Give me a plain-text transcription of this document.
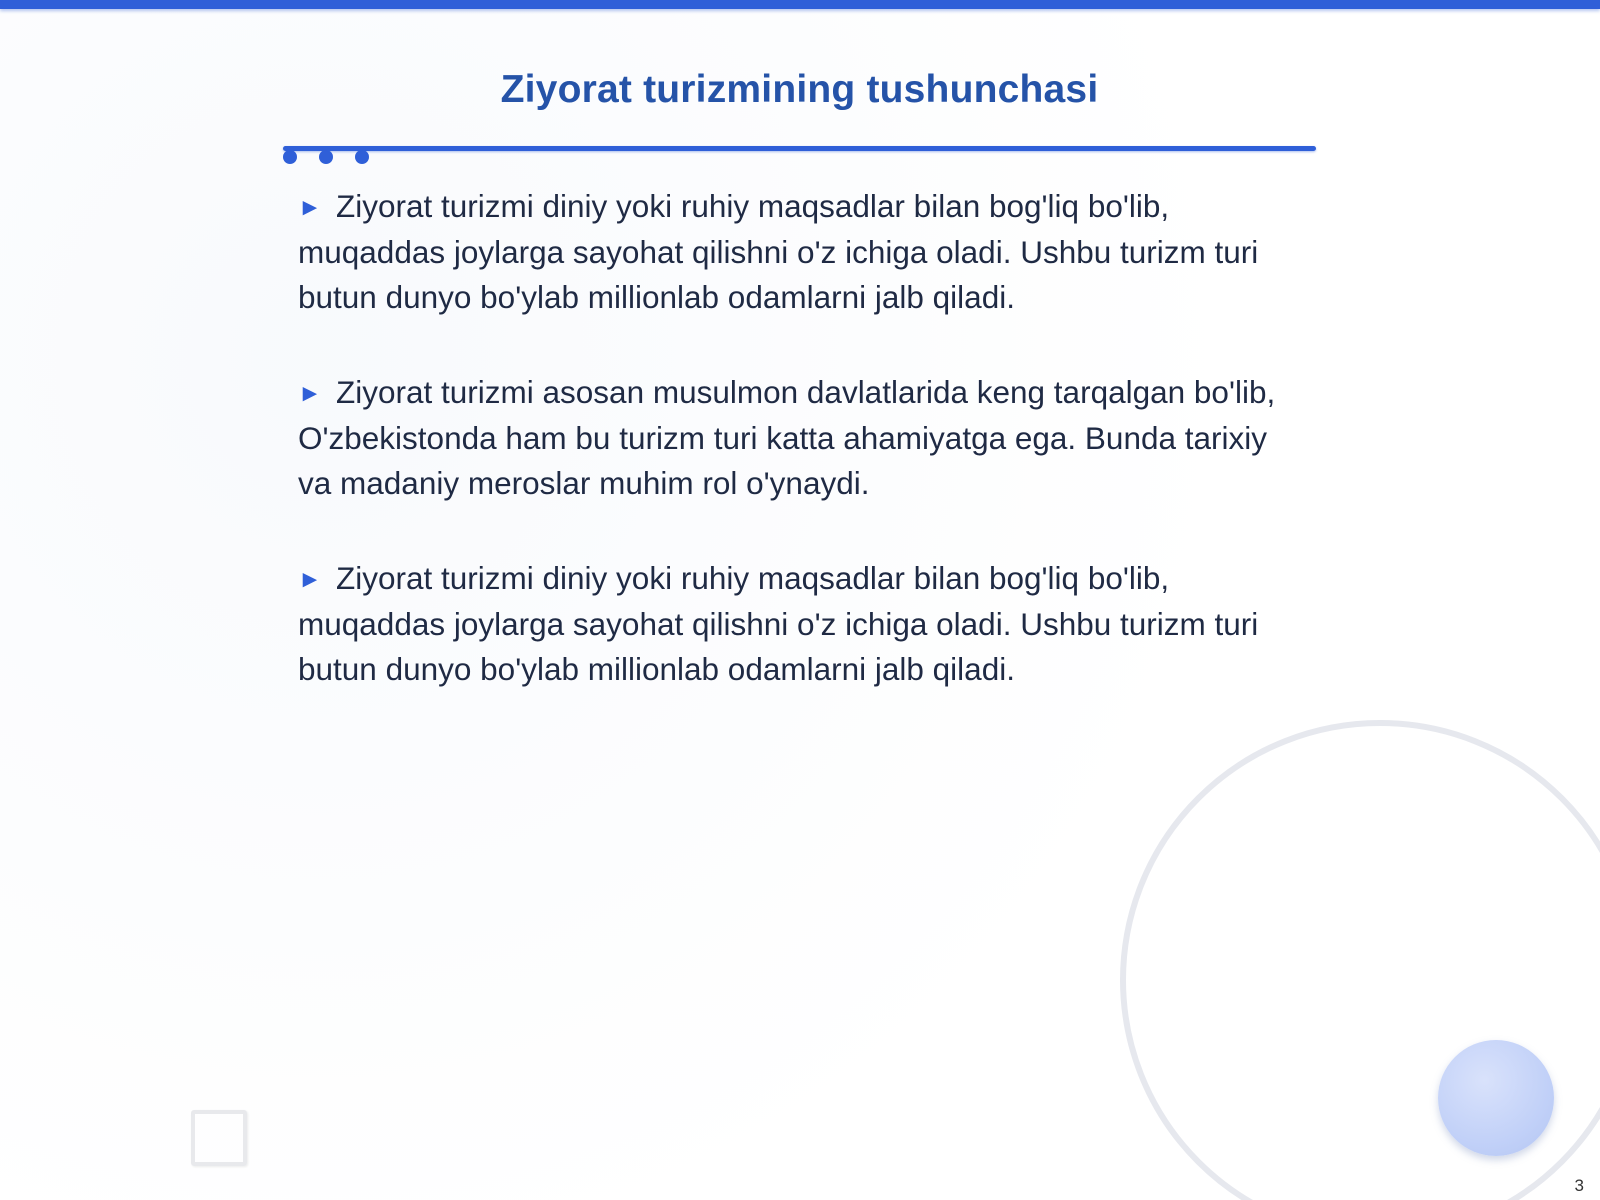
Ziyorat turizmining tushunchasi

► Ziyorat turizmi diniy yoki ruhiy maqsadlar bilan bog'liq bo'lib, muqaddas joylarga sayohat qilishni o'z ichiga oladi. Ushbu turizm turi butun dunyo bo'ylab millionlab odamlarni jalb qiladi.

► Ziyorat turizmi asosan musulmon davlatlarida keng tarqalgan bo'lib, O'zbekistonda ham bu turizm turi katta ahamiyatga ega. Bunda tarixiy va madaniy meroslar muhim rol o'ynaydi.

► Ziyorat turizmi diniy yoki ruhiy maqsadlar bilan bog'liq bo'lib, muqaddas joylarga sayohat qilishni o'z ichiga oladi. Ushbu turizm turi butun dunyo bo'ylab millionlab odamlarni jalb qiladi.

3
